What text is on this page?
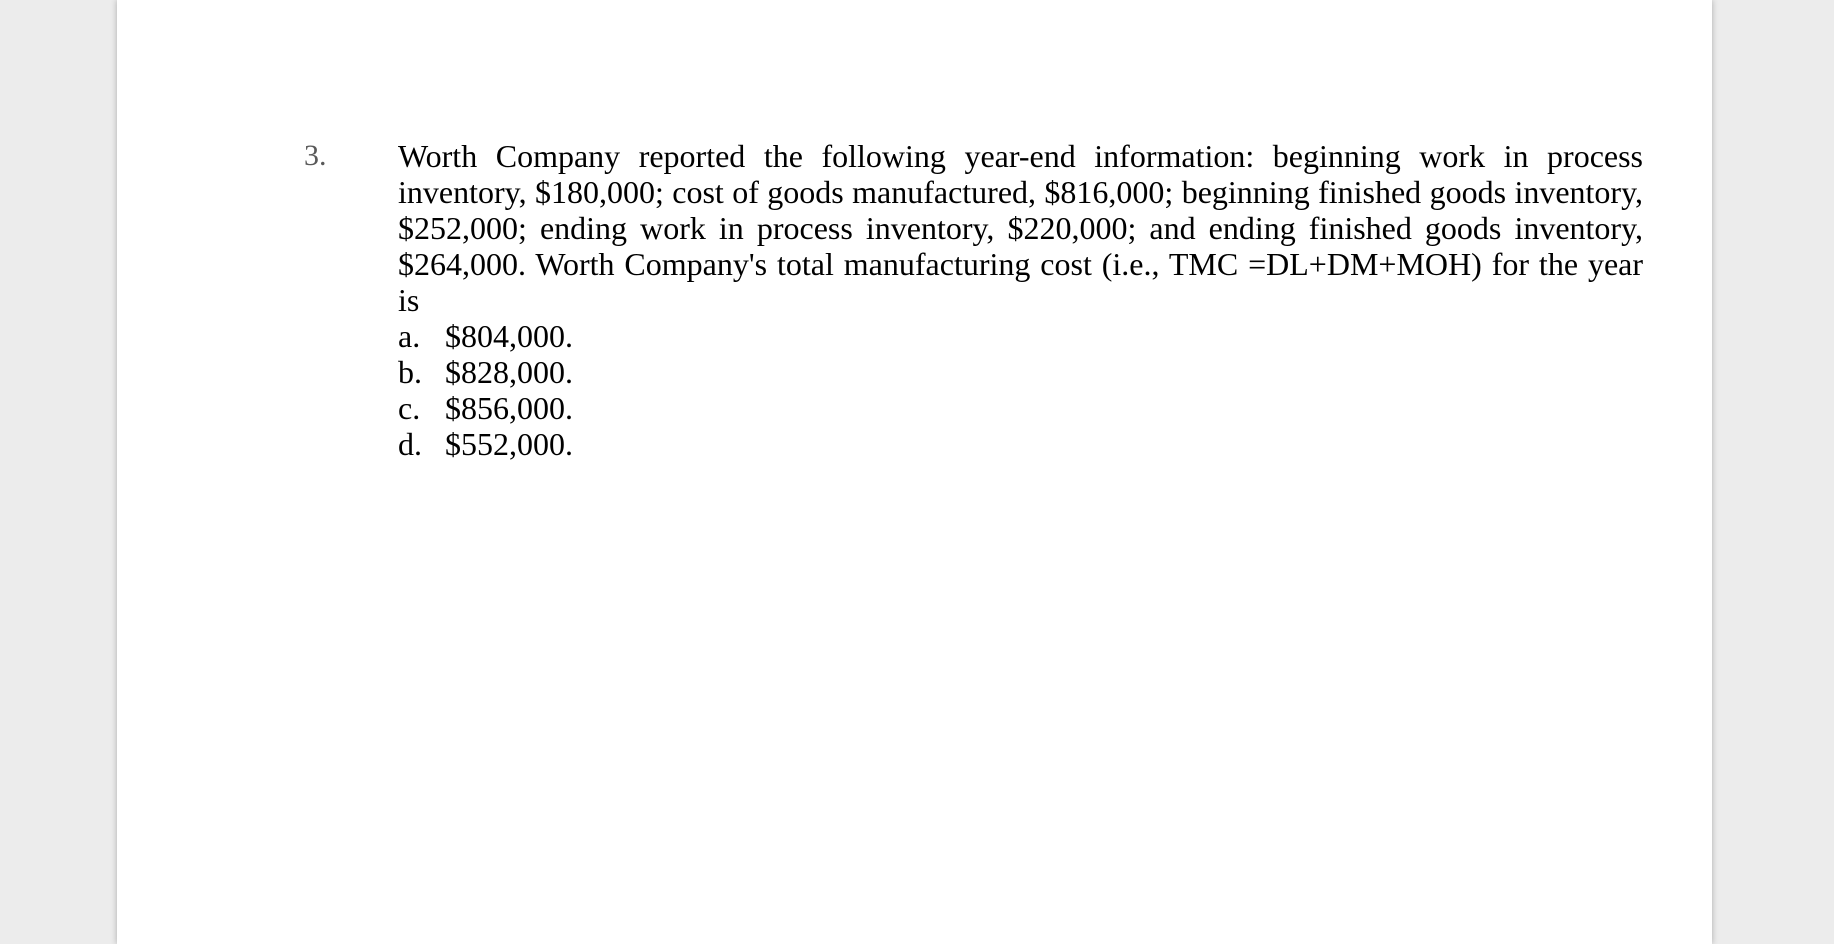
3. Worth Company reported the following year-end information: beginning work in process inventory, $180,000; cost of goods manufactured, $816,000; beginning finished goods inventory, $252,000; ending work in process inventory, $220,000; and ending finished goods inventory, $264,000. Worth Company's total manufacturing cost (i.e., TMC =DL+DM+MOH) for the year is

a. $804,000.
b. $828,000.
c. $856,000.
d. $552,000.
